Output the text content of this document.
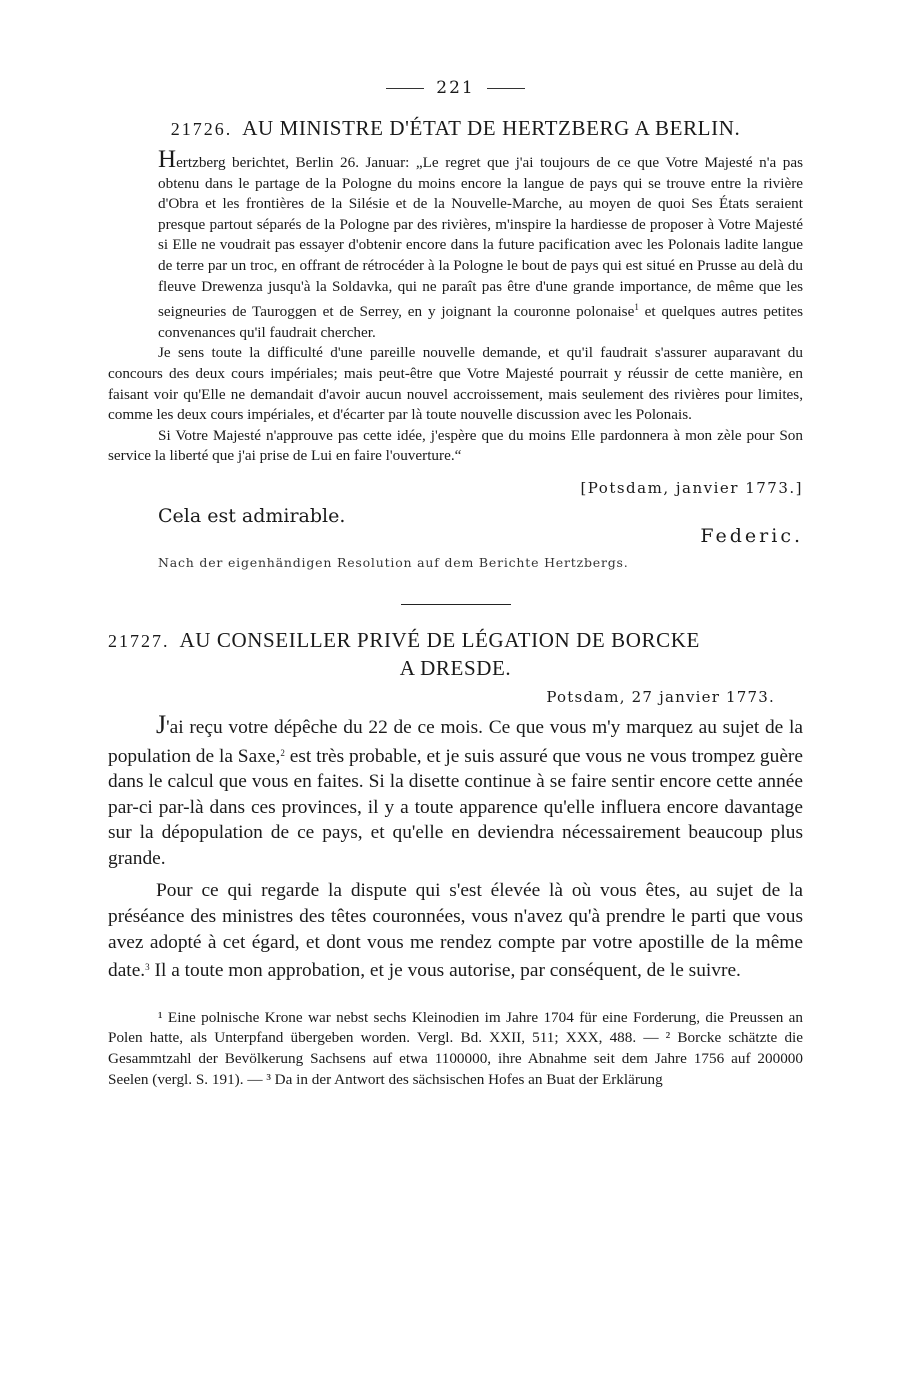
221
21726. AU MINISTRE D'ÉTAT DE HERTZBERG A BERLIN.

Hertzberg berichtet, Berlin 26. Januar: „Le regret que j'ai toujours de ce que Votre Majesté n'a pas obtenu dans le partage de la Pologne du moins encore la langue de pays qui se trouve entre la rivière d'Obra et les frontières de la Silésie et de la Nouvelle-Marche, au moyen de quoi Ses États seraient presque partout séparés de la Pologne par des rivières, m'inspire la hardiesse de proposer à Votre Majesté si Elle ne voudrait pas essayer d'obtenir encore dans la future pacification avec les Polonais ladite langue de terre par un troc, en offrant de rétrocéder à la Pologne le bout de pays qui est situé en Prusse au delà du fleuve Drewenza jusqu'à la Soldavka, qui ne paraît pas être d'une grande importance, de même que les seigneuries de Tauroggen et de Serrey, en y joignant la couronne polonaise$^1$ et quelques autres petites convenances qu'il faudrait chercher.

Je sens toute la difficulté d'une pareille nouvelle demande, et qu'il faudrait s'assurer auparavant du concours des deux cours impériales; mais peut-être que Votre Majesté pourrait y réussir de cette manière, en faisant voir qu'Elle ne demandait d'avoir aucun nouvel accroissement, mais seulement des rivières pour limites, comme les deux cours impériales, et d'écarter par là toute nouvelle discussion avec les Polonais.

Si Votre Majesté n'approuve pas cette idée, j'espère que du moins Elle pardonnera à mon zèle pour Son service la liberté que j'ai prise de Lui en faire l'ouverture.“

[Potsdam, janvier 1773.]
Cela est admirable.
Federic.
Nach der eigenhändigen Resolution auf dem Berichte Hertzbergs.
21727. AU CONSEILLER PRIVÉ DE LÉGATION DE BORCKE
A DRESDE.
Potsdam, 27 janvier 1773.

J'ai reçu votre dépêche du 22 de ce mois. Ce que vous m'y marquez au sujet de la population de la Saxe,$^2$ est très probable, et je suis assuré que vous ne vous trompez guère dans le calcul que vous en faites. Si la disette continue à se faire sentir encore cette année par-ci par-là dans ces provinces, il y a toute apparence qu'elle influera encore davantage sur la dépopulation de ce pays, et qu'elle en deviendra nécessairement beaucoup plus grande.

Pour ce qui regarde la dispute qui s'est élevée là où vous êtes, au sujet de la préséance des ministres des têtes couronnées, vous n'avez qu'à prendre le parti que vous avez adopté à cet égard, et dont vous me rendez compte par votre apostille de la même date.$^3$ Il a toute mon approbation, et je vous autorise, par conséquent, de le suivre.

¹ Eine polnische Krone war nebst sechs Kleinodien im Jahre 1704 für eine Forderung, die Preussen an Polen hatte, als Unterpfand übergeben worden. Vergl. Bd. XXII, 511; XXX, 488. — ² Borcke schätzte die Gesammtzahl der Bevölkerung Sachsens auf etwa 1100000, ihre Abnahme seit dem Jahre 1756 auf 200000 Seelen (vergl. S. 191). — ³ Da in der Antwort des sächsischen Hofes an Buat der Erklärung
